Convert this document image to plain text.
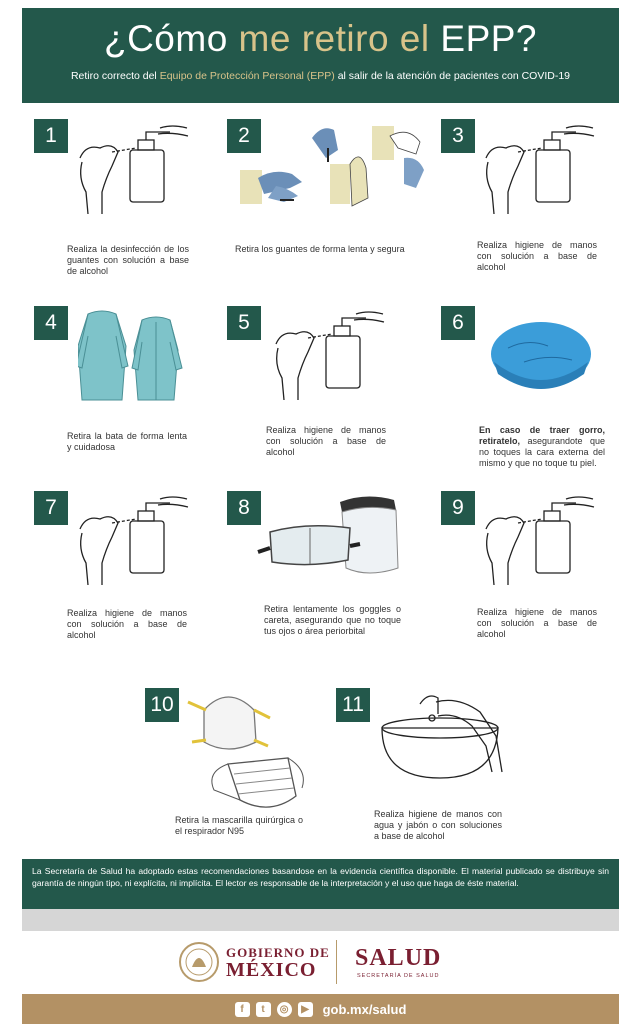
¿Cómo me retiro el EPP?
Retiro correcto del Equipo de Protección Personal (EPP) al salir de la atención de pacientes con COVID-19
1
Realiza la desinfección de los guantes con solución a base de alcohol
2
Retira los guantes de forma lenta y segura
3
Realiza higiene de manos con solución a base de alcohol
4
Retira la bata de forma lenta y cuidadosa
5
Realiza higiene de manos con solución a base de alcohol
6
En caso de traer gorro, retiratelo, asegurandote que no toques la cara externa del mismo y que no toque tu piel.
7
Realiza higiene de manos con solución a base de alcohol
8
Retira lentamente los goggles o careta, asegurando que no toque tus ojos o área periorbital
9
Realiza higiene de manos con solución a base de alcohol
10
Retira la mascarilla quirúrgica o el respirador N95
11
Realiza higiene de manos con agua y jabón o con soluciones a base de alcohol
La Secretaría de Salud ha adoptado estas recomendaciones basandose en la evidencia científica disponible. El material publicado se distribuye sin garantía de ningún tipo, ni explícita, ni implícita. El lector es responsable de la interpretación y el uso que haga de éste material.
GOBIERNO DE
MÉXICO	SALUD
SECRETARÍA DE SALUD
f	t	◎	▶ gob.mx/salud
